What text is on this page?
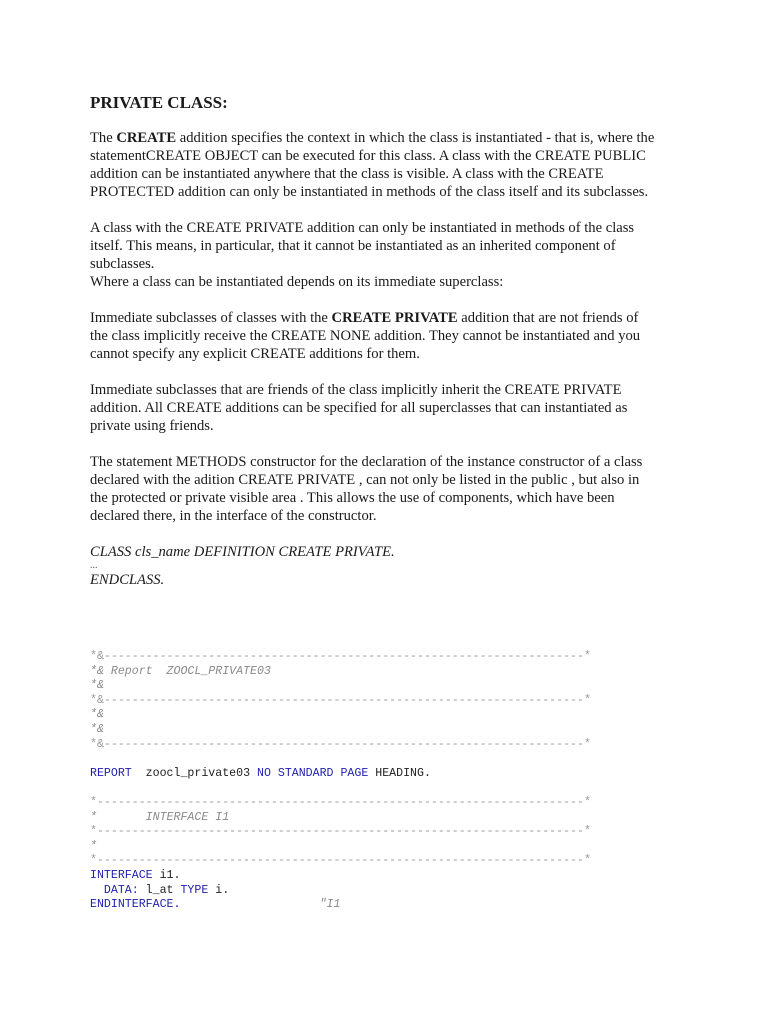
PRIVATE CLASS:
The CREATE addition specifies the context in which the class is instantiated - that is, where the
statementCREATE OBJECT can be executed for this class. A class with the CREATE PUBLIC
addition can be instantiated anywhere that the class is visible. A class with the CREATE
PROTECTED addition can only be instantiated in methods of the class itself and its subclasses.
A class with the CREATE PRIVATE addition can only be instantiated in methods of the class
itself. This means, in particular, that it cannot be instantiated as an inherited component of
subclasses.
Where a class can be instantiated depends on its immediate superclass:
Immediate subclasses of classes with the CREATE PRIVATE addition that are not friends of
the class implicitly receive the CREATE NONE addition. They cannot be instantiated and you
cannot specify any explicit CREATE additions for them.
Immediate subclasses that are friends of the class implicitly inherit the CREATE PRIVATE
addition. All CREATE additions can be specified for all superclasses that can instantiated as
private using friends.
The statement METHODS constructor for the declaration of the instance constructor of a class
declared with the adition CREATE PRIVATE , can not only be listed in the public , but also in
the protected or private visible area . This allows the use of components, which have been
declared there, in the interface of the constructor.
CLASS cls_name DEFINITION CREATE PRIVATE.
...
ENDCLASS.
*&---------------------------------------------------------------------*
*& Report  ZOOCL_PRIVATE03
*&
*&---------------------------------------------------------------------*
*&
*&
*&---------------------------------------------------------------------*
REPORT  zoocl_private03 NO STANDARD PAGE HEADING.
*----------------------------------------------------------------------*
*       INTERFACE I1
*----------------------------------------------------------------------*
*
*----------------------------------------------------------------------*
INTERFACE i1.
DATA: l_at TYPE i.
ENDINTERFACE.                    "I1
